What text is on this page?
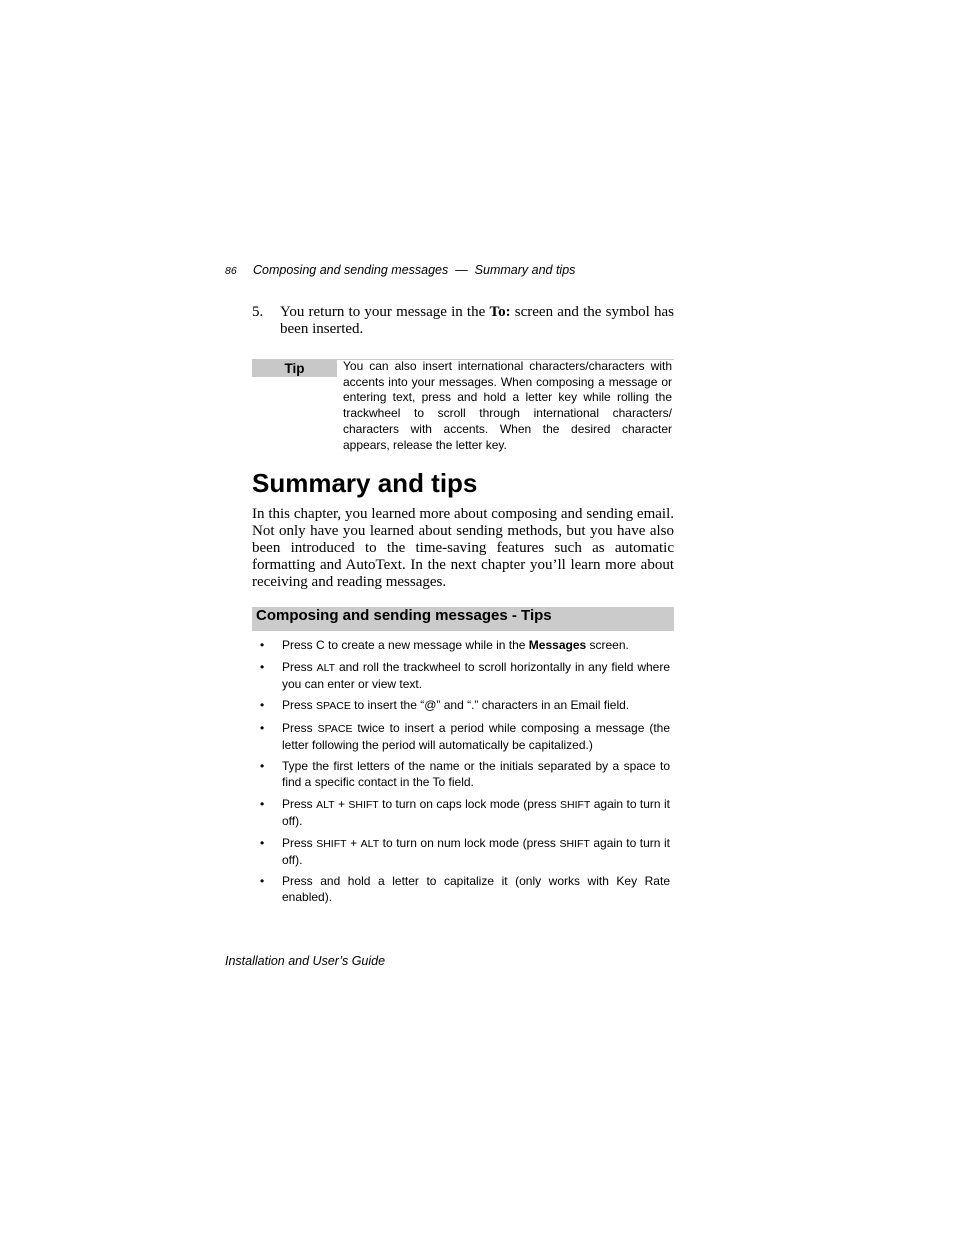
86 Composing and sending messages — Summary and tips
5. You return to your message in the To: screen and the symbol has been inserted.
Tip	You can also insert international characters/characters with accents into your messages. When composing a message or entering text, press and hold a letter key while rolling the trackwheel to scroll through international characters/ characters with accents. When the desired character appears, release the letter key.
Summary and tips

In this chapter, you learned more about composing and sending email. Not only have you learned about sending methods, but you have also been introduced to the time-saving features such as automatic formatting and AutoText. In the next chapter you’ll learn more about receiving and reading messages.

Composing and sending messages - Tips
• Press C to create a new message while in the Messages screen.
• Press ALT and roll the trackwheel to scroll horizontally in any field where you can enter or view text.
• Press SPACE to insert the “@” and “.” characters in an Email field.
• Press SPACE twice to insert a period while composing a message (the letter following the period will automatically be capitalized.)
• Type the first letters of the name or the initials separated by a space to find a specific contact in the To field.
• Press ALT + SHIFT to turn on caps lock mode (press SHIFT again to turn it off).
• Press SHIFT + ALT to turn on num lock mode (press SHIFT again to turn it off).
• Press and hold a letter to capitalize it (only works with Key Rate enabled).
Installation and User’s Guide
